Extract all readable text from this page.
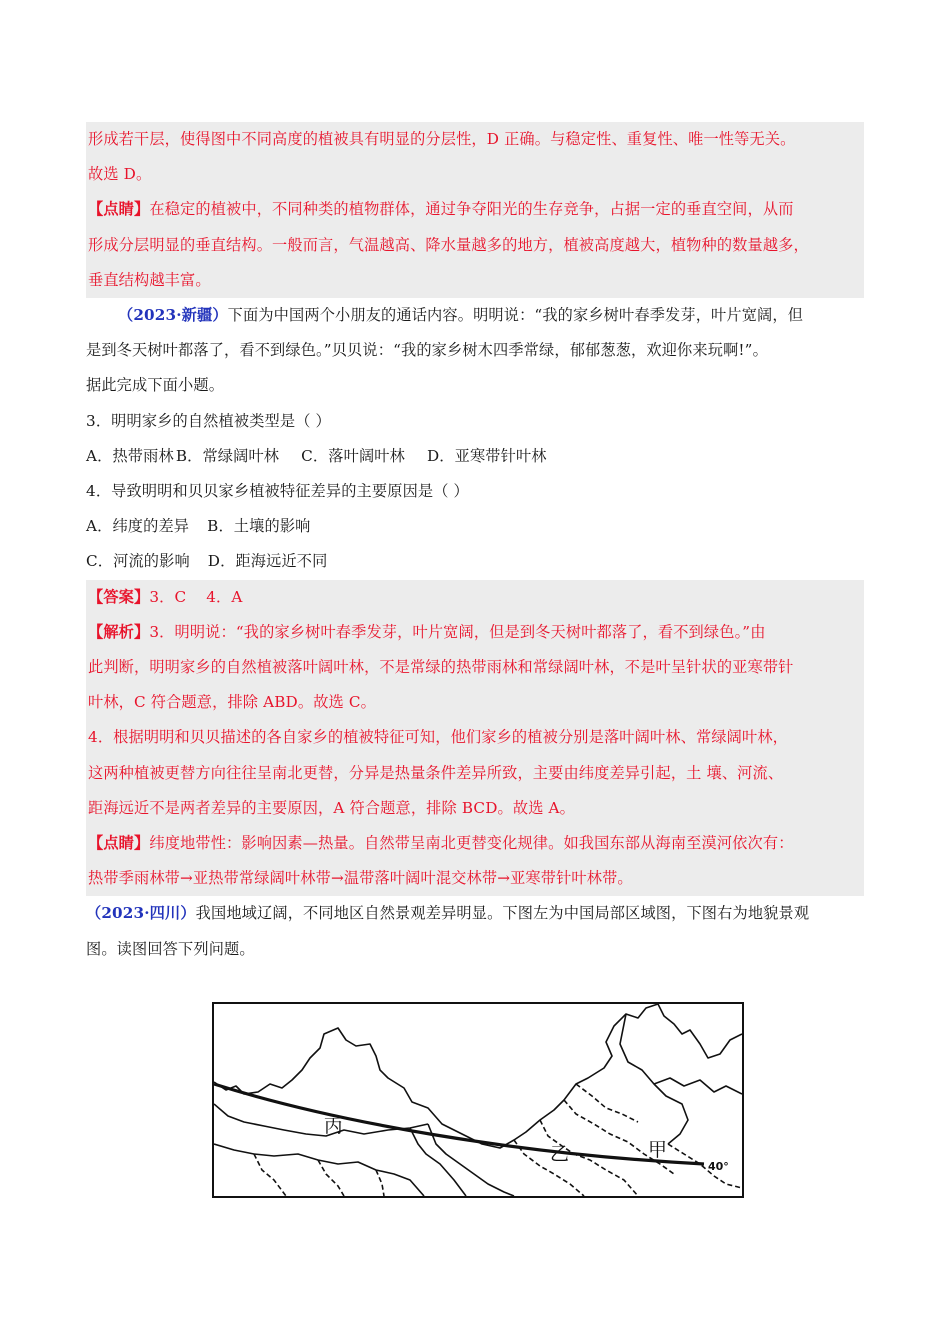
形成若干层，使得图中不同高度的植被具有明显的分层性，D 正确。与稳定性、重复性、唯一性等无关。
故选 D。
【点睛】在稳定的植被中，不同种类的植物群体，通过争夺阳光的生存竞争，占据一定的垂直空间，从而
形成分层明显的垂直结构。一般而言，气温越高、降水量越多的地方，植被高度越大，植物种的数量越多，
垂直结构越丰富。
（2023·新疆）下面为中国两个小朋友的通话内容。明明说：“我的家乡树叶春季发芽，叶片宽阔，但
是到冬天树叶都落了，看不到绿色。”贝贝说：“我的家乡树木四季常绿，郁郁葱葱，欢迎你来玩啊!”。
据此完成下面小题。
3．明明家乡的自然植被类型是（ ）
A．热带雨林 B．常绿阔叶林 C．落叶阔叶林 D．亚寒带针叶林
4．导致明明和贝贝家乡植被特征差异的主要原因是（ ）
A．纬度的差异 B．土壤的影响
C．河流的影响 D．距海远近不同
【答案】3．C    4．A
【解析】3．明明说：“我的家乡树叶春季发芽，叶片宽阔，但是到冬天树叶都落了，看不到绿色。”由
此判断，明明家乡的自然植被落叶阔叶林，不是常绿的热带雨林和常绿阔叶林，不是叶呈针状的亚寒带针
叶林，C 符合题意，排除 ABD。故选 C。
4．根据明明和贝贝描述的各自家乡的植被特征可知，他们家乡的植被分别是落叶阔叶林、常绿阔叶林，
这两种植被更替方向往往呈南北更替，分异是热量条件差异所致，主要由纬度差异引起，土 壤、河流、
距海远近不是两者差异的主要原因，A 符合题意，排除 BCD。故选 A。
【点睛】纬度地带性：影响因素—热量。自然带呈南北更替变化规律。如我国东部从海南至漠河依次有：
热带季雨林带→亚热带常绿阔叶林带→温带落叶阔叶混交林带→亚寒带针叶林带。
（2023·四川）我国地域辽阔，不同地区自然景观差异明显。下图左为中国局部区域图，下图右为地貌景观
图。读图回答下列问题。
丙
乙	甲
40°
